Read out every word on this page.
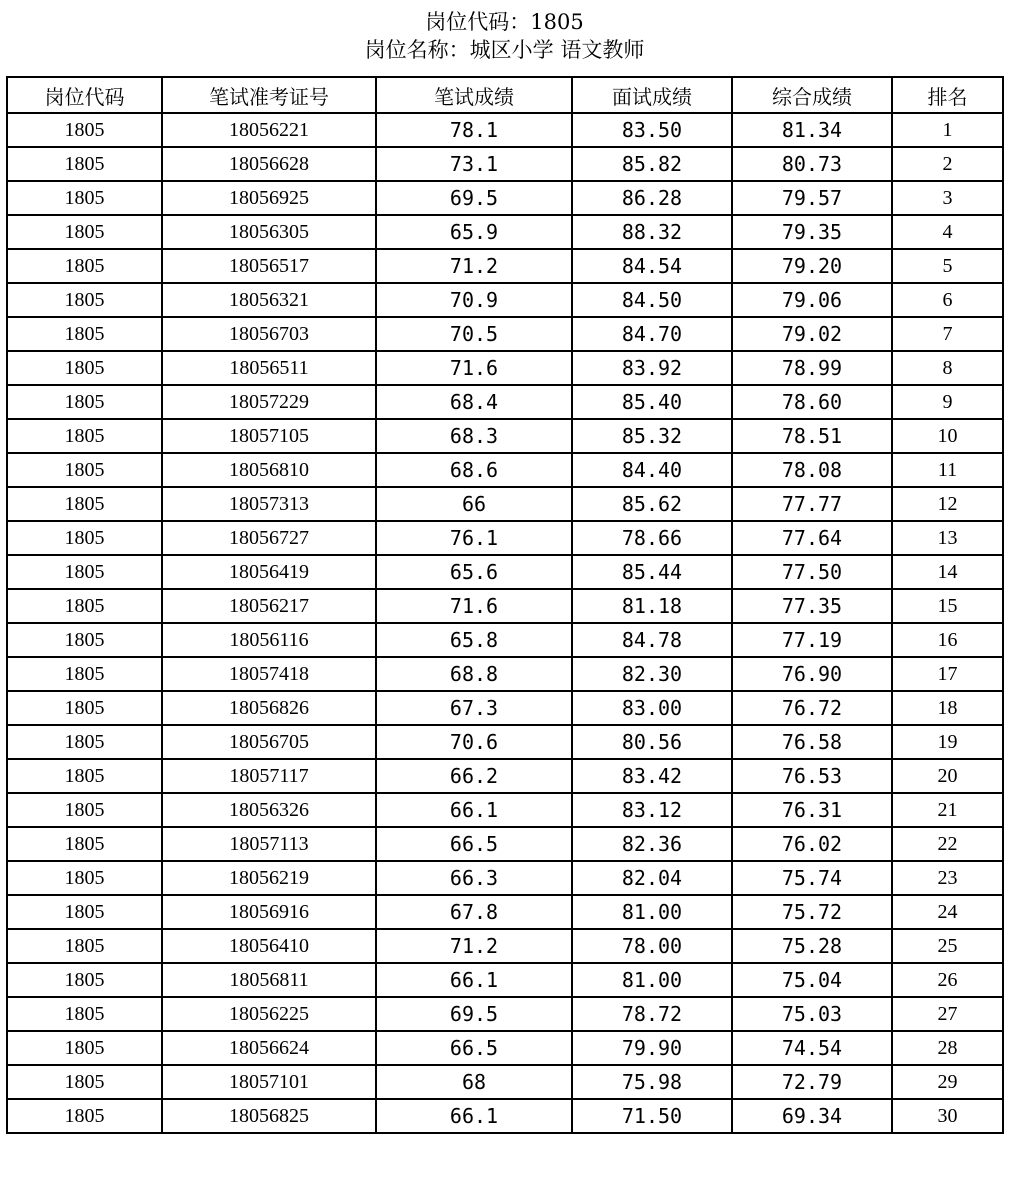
岗位代码：1805
岗位名称：城区小学 语文教师
岗位代码	笔试准考证号	笔试成绩	面试成绩	综合成绩	排名
1805	18056221	78.1	83.50	81.34	1
1805	18056628	73.1	85.82	80.73	2
1805	18056925	69.5	86.28	79.57	3
1805	18056305	65.9	88.32	79.35	4
1805	18056517	71.2	84.54	79.20	5
1805	18056321	70.9	84.50	79.06	6
1805	18056703	70.5	84.70	79.02	7
1805	18056511	71.6	83.92	78.99	8
1805	18057229	68.4	85.40	78.60	9
1805	18057105	68.3	85.32	78.51	10
1805	18056810	68.6	84.40	78.08	11
1805	18057313	66	85.62	77.77	12
1805	18056727	76.1	78.66	77.64	13
1805	18056419	65.6	85.44	77.50	14
1805	18056217	71.6	81.18	77.35	15
1805	18056116	65.8	84.78	77.19	16
1805	18057418	68.8	82.30	76.90	17
1805	18056826	67.3	83.00	76.72	18
1805	18056705	70.6	80.56	76.58	19
1805	18057117	66.2	83.42	76.53	20
1805	18056326	66.1	83.12	76.31	21
1805	18057113	66.5	82.36	76.02	22
1805	18056219	66.3	82.04	75.74	23
1805	18056916	67.8	81.00	75.72	24
1805	18056410	71.2	78.00	75.28	25
1805	18056811	66.1	81.00	75.04	26
1805	18056225	69.5	78.72	75.03	27
1805	18056624	66.5	79.90	74.54	28
1805	18057101	68	75.98	72.79	29
1805	18056825	66.1	71.50	69.34	30
